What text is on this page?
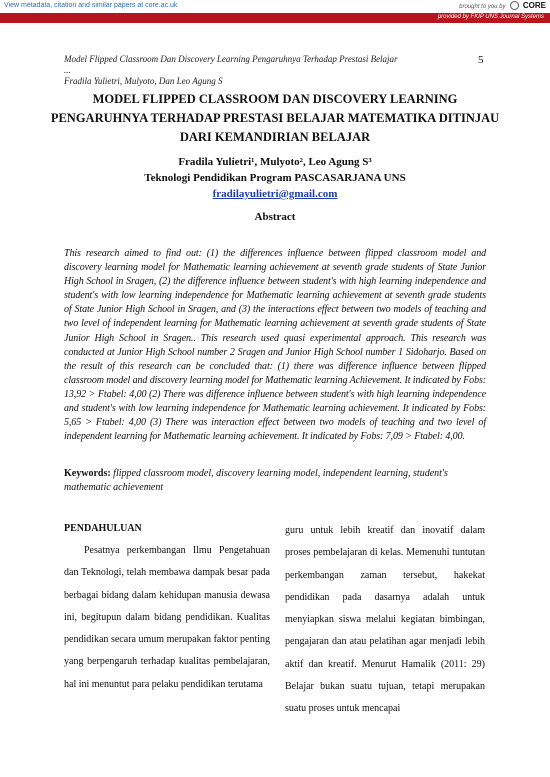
View metadata, citation and similar papers at core.ac.uk	brought to you by CORE
provided by FKIP UNS Journal Systems
Model Flipped Classroom Dan Discovery Learning Pengaruhnya Terhadap Prestasi Belajar ...
Fradila Yulietri, Mulyoto, Dan Leo Agung S
5
MODEL FLIPPED CLASSROOM DAN DISCOVERY LEARNING
PENGARUHNYA TERHADAP PRESTASI BELAJAR MATEMATIKA DITINJAU
DARI KEMANDIRIAN BELAJAR
Fradila Yulietri¹, Mulyoto², Leo Agung S³
Teknologi Pendidikan Program PASCASARJANA UNS
fradilayulietri@gmail.com
Abstract
This research aimed to find out: (1) the differences influence between flipped classroom model and discovery learning model for Mathematic learning achievement at seventh grade students of State Junior High School in Sragen, (2) the difference influence between student's with high learning independence and student's with low learning independence for Mathematic learning achievement at seventh grade students of State Junior High School in Sragen, and (3) the interactions effect between two models of teaching and two level of independent learning for Mathematic learning achievement at seventh grade students of State Junior High School in Sragen.. This research used quasi experimental approach. This research was conducted at Junior High School number 2 Sragen and Junior High School number 1 Sidoharjo. Based on the result of this research can be concluded that: (1) there was difference influence between flipped classroom model and discovery learning model for Mathematic learning Achievement. It indicated by Fobs: 13,92 > Ftabel: 4,00 (2) There was difference influence between student's with high learning independence and student's with low learning independence for Mathematic learning achievement. It indicated by Fobs: 5,65 > Ftabel: 4,00 (3) There was interaction effect between two models of teaching and two level of independent learning for Mathematic learning achievement. It indicated by Fobs: 7,09 > Ftabel: 4,00.
Keywords: flipped classroom model, discovery learning model, independent learning, student's mathematic achievement
PENDAHULUAN
Pesatnya perkembangan Ilmu Pengetahuan dan Teknologi, telah membawa dampak besar pada berbagai bidang dalam kehidupan manusia dewasa ini, begitupun dalam bidang pendidikan. Kualitas pendidikan secara umum merupakan faktor penting yang berpengaruh terhadap kualitas pembelajaran, hal ini menuntut para pelaku pendidikan terutama
guru untuk lebih kreatif dan inovatif dalam proses pembelajaran di kelas. Memenuhi tuntutan perkembangan zaman tersebut, hakekat pendidikan pada dasarnya adalah untuk menyiapkan siswa melalui kegiatan bimbingan, pengajaran dan atau pelatihan agar menjadi lebih aktif dan kreatif. Menurut Hamalik (2011: 29) Belajar bukan suatu tujuan, tetapi merupakan suatu proses untuk mencapai
